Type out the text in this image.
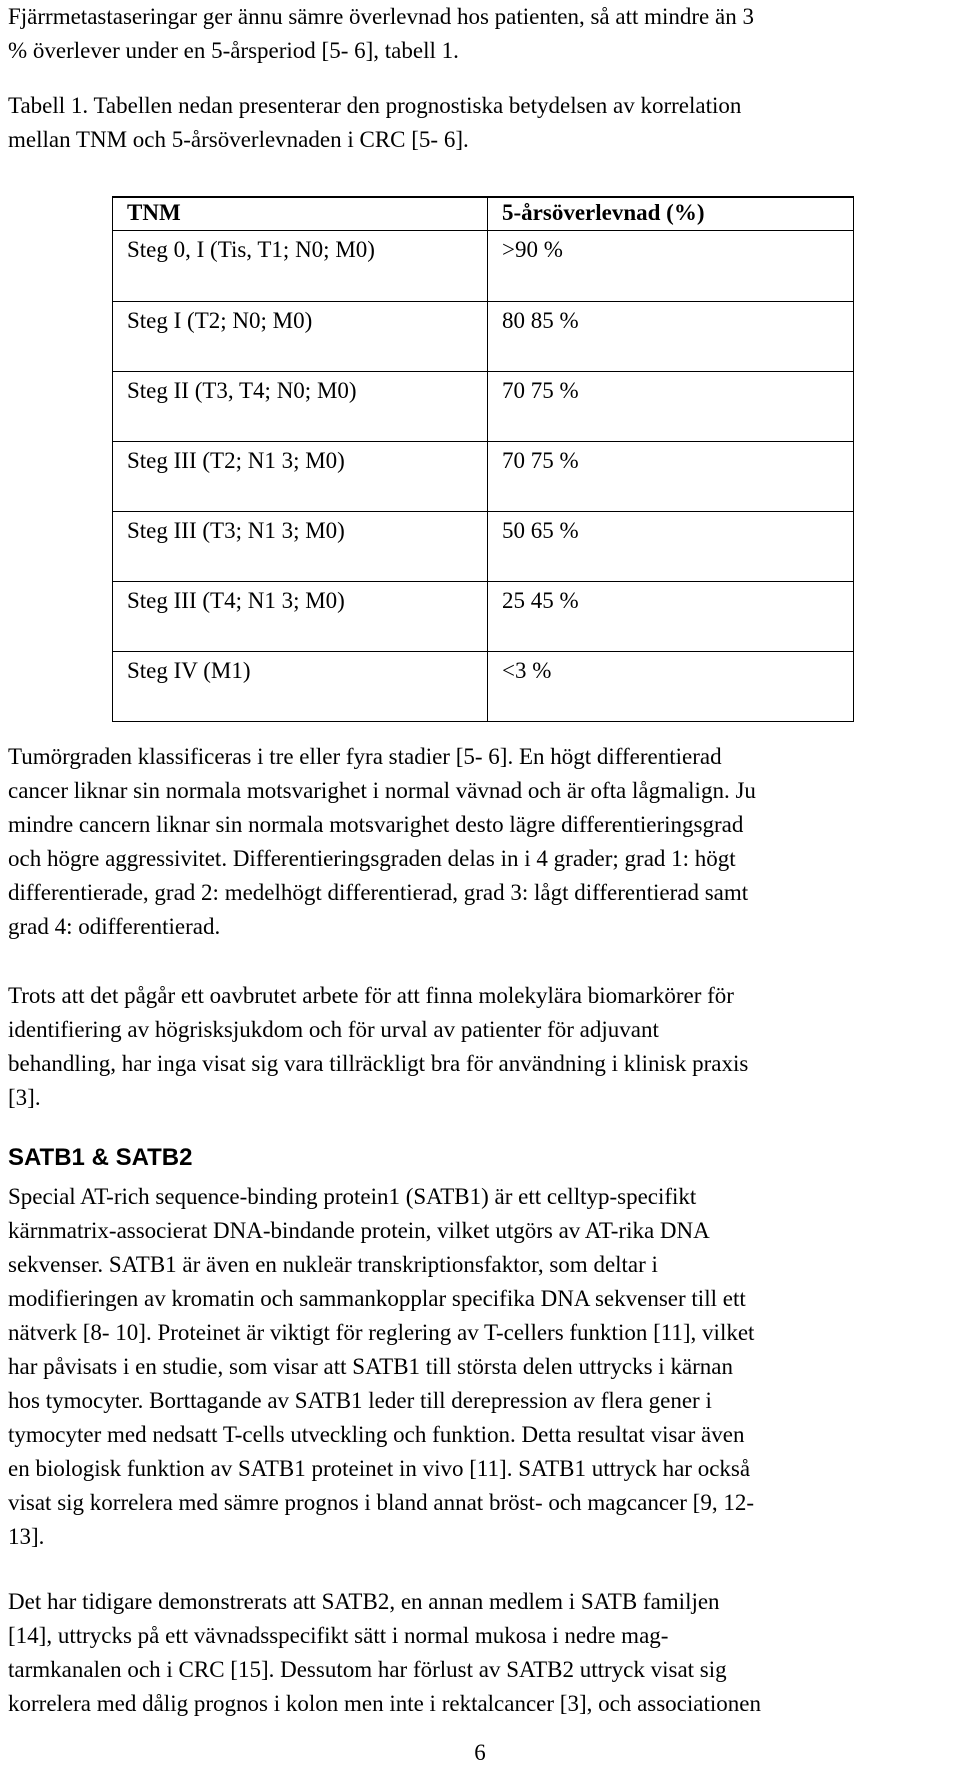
Fjärrmetastaseringar ger ännu sämre överlevnad hos patienten, så att mindre än 3
% överlever under en 5-årsperiod [5- 6], tabell 1.

Tabell 1. Tabellen nedan presenterar den prognostiska betydelsen av korrelation
mellan TNM och 5-årsöverlevnaden i CRC [5- 6].

TNM	5-årsöverlevnad (%)
Steg 0, I (Tis, T1; N0; M0)	>90 %
Steg I (T2; N0; M0)	80 85 %
Steg II (T3, T4; N0; M0)	70 75 %
Steg III (T2; N1 3; M0)	70 75 %
Steg III (T3; N1 3; M0)	50 65 %
Steg III (T4; N1 3; M0)	25 45 %
Steg IV (M1)	<3 %

Tumörgraden klassificeras i tre eller fyra stadier [5- 6]. En högt differentierad
cancer liknar sin normala motsvarighet i normal vävnad och är ofta lågmalign. Ju
mindre cancern liknar sin normala motsvarighet desto lägre differentieringsgrad
och högre aggressivitet. Differentieringsgraden delas in i 4 grader; grad 1: högt
differentierade, grad 2: medelhögt differentierad, grad 3: lågt differentierad samt
grad 4: odifferentierad.

Trots att det pågår ett oavbrutet arbete för att finna molekylära biomarkörer för
identifiering av högrisksjukdom och för urval av patienter för adjuvant
behandling, har inga visat sig vara tillräckligt bra för användning i klinisk praxis
[3].

SATB1 & SATB2

Special AT-rich sequence-binding protein1 (SATB1) är ett celltyp-specifikt
kärnmatrix-associerat DNA-bindande protein, vilket utgörs av AT-rika DNA
sekvenser. SATB1 är även en nukleär transkriptionsfaktor, som deltar i
modifieringen av kromatin och sammankopplar specifika DNA sekvenser till ett
nätverk [8- 10]. Proteinet är viktigt för reglering av T-cellers funktion [11], vilket
har påvisats i en studie, som visar att SATB1 till största delen uttrycks i kärnan
hos tymocyter. Borttagande av SATB1 leder till derepression av flera gener i
tymocyter med nedsatt T-cells utveckling och funktion. Detta resultat visar även
en biologisk funktion av SATB1 proteinet in vivo [11]. SATB1 uttryck har också
visat sig korrelera med sämre prognos i bland annat bröst- och magcancer [9, 12-
13].

Det har tidigare demonstrerats att SATB2, en annan medlem i SATB familjen
[14], uttrycks på ett vävnadsspecifikt sätt i normal mukosa i nedre mag-
tarmkanalen och i CRC [15]. Dessutom har förlust av SATB2 uttryck visat sig
korrelera med dålig prognos i kolon men inte i rektalcancer [3], och associationen

6
